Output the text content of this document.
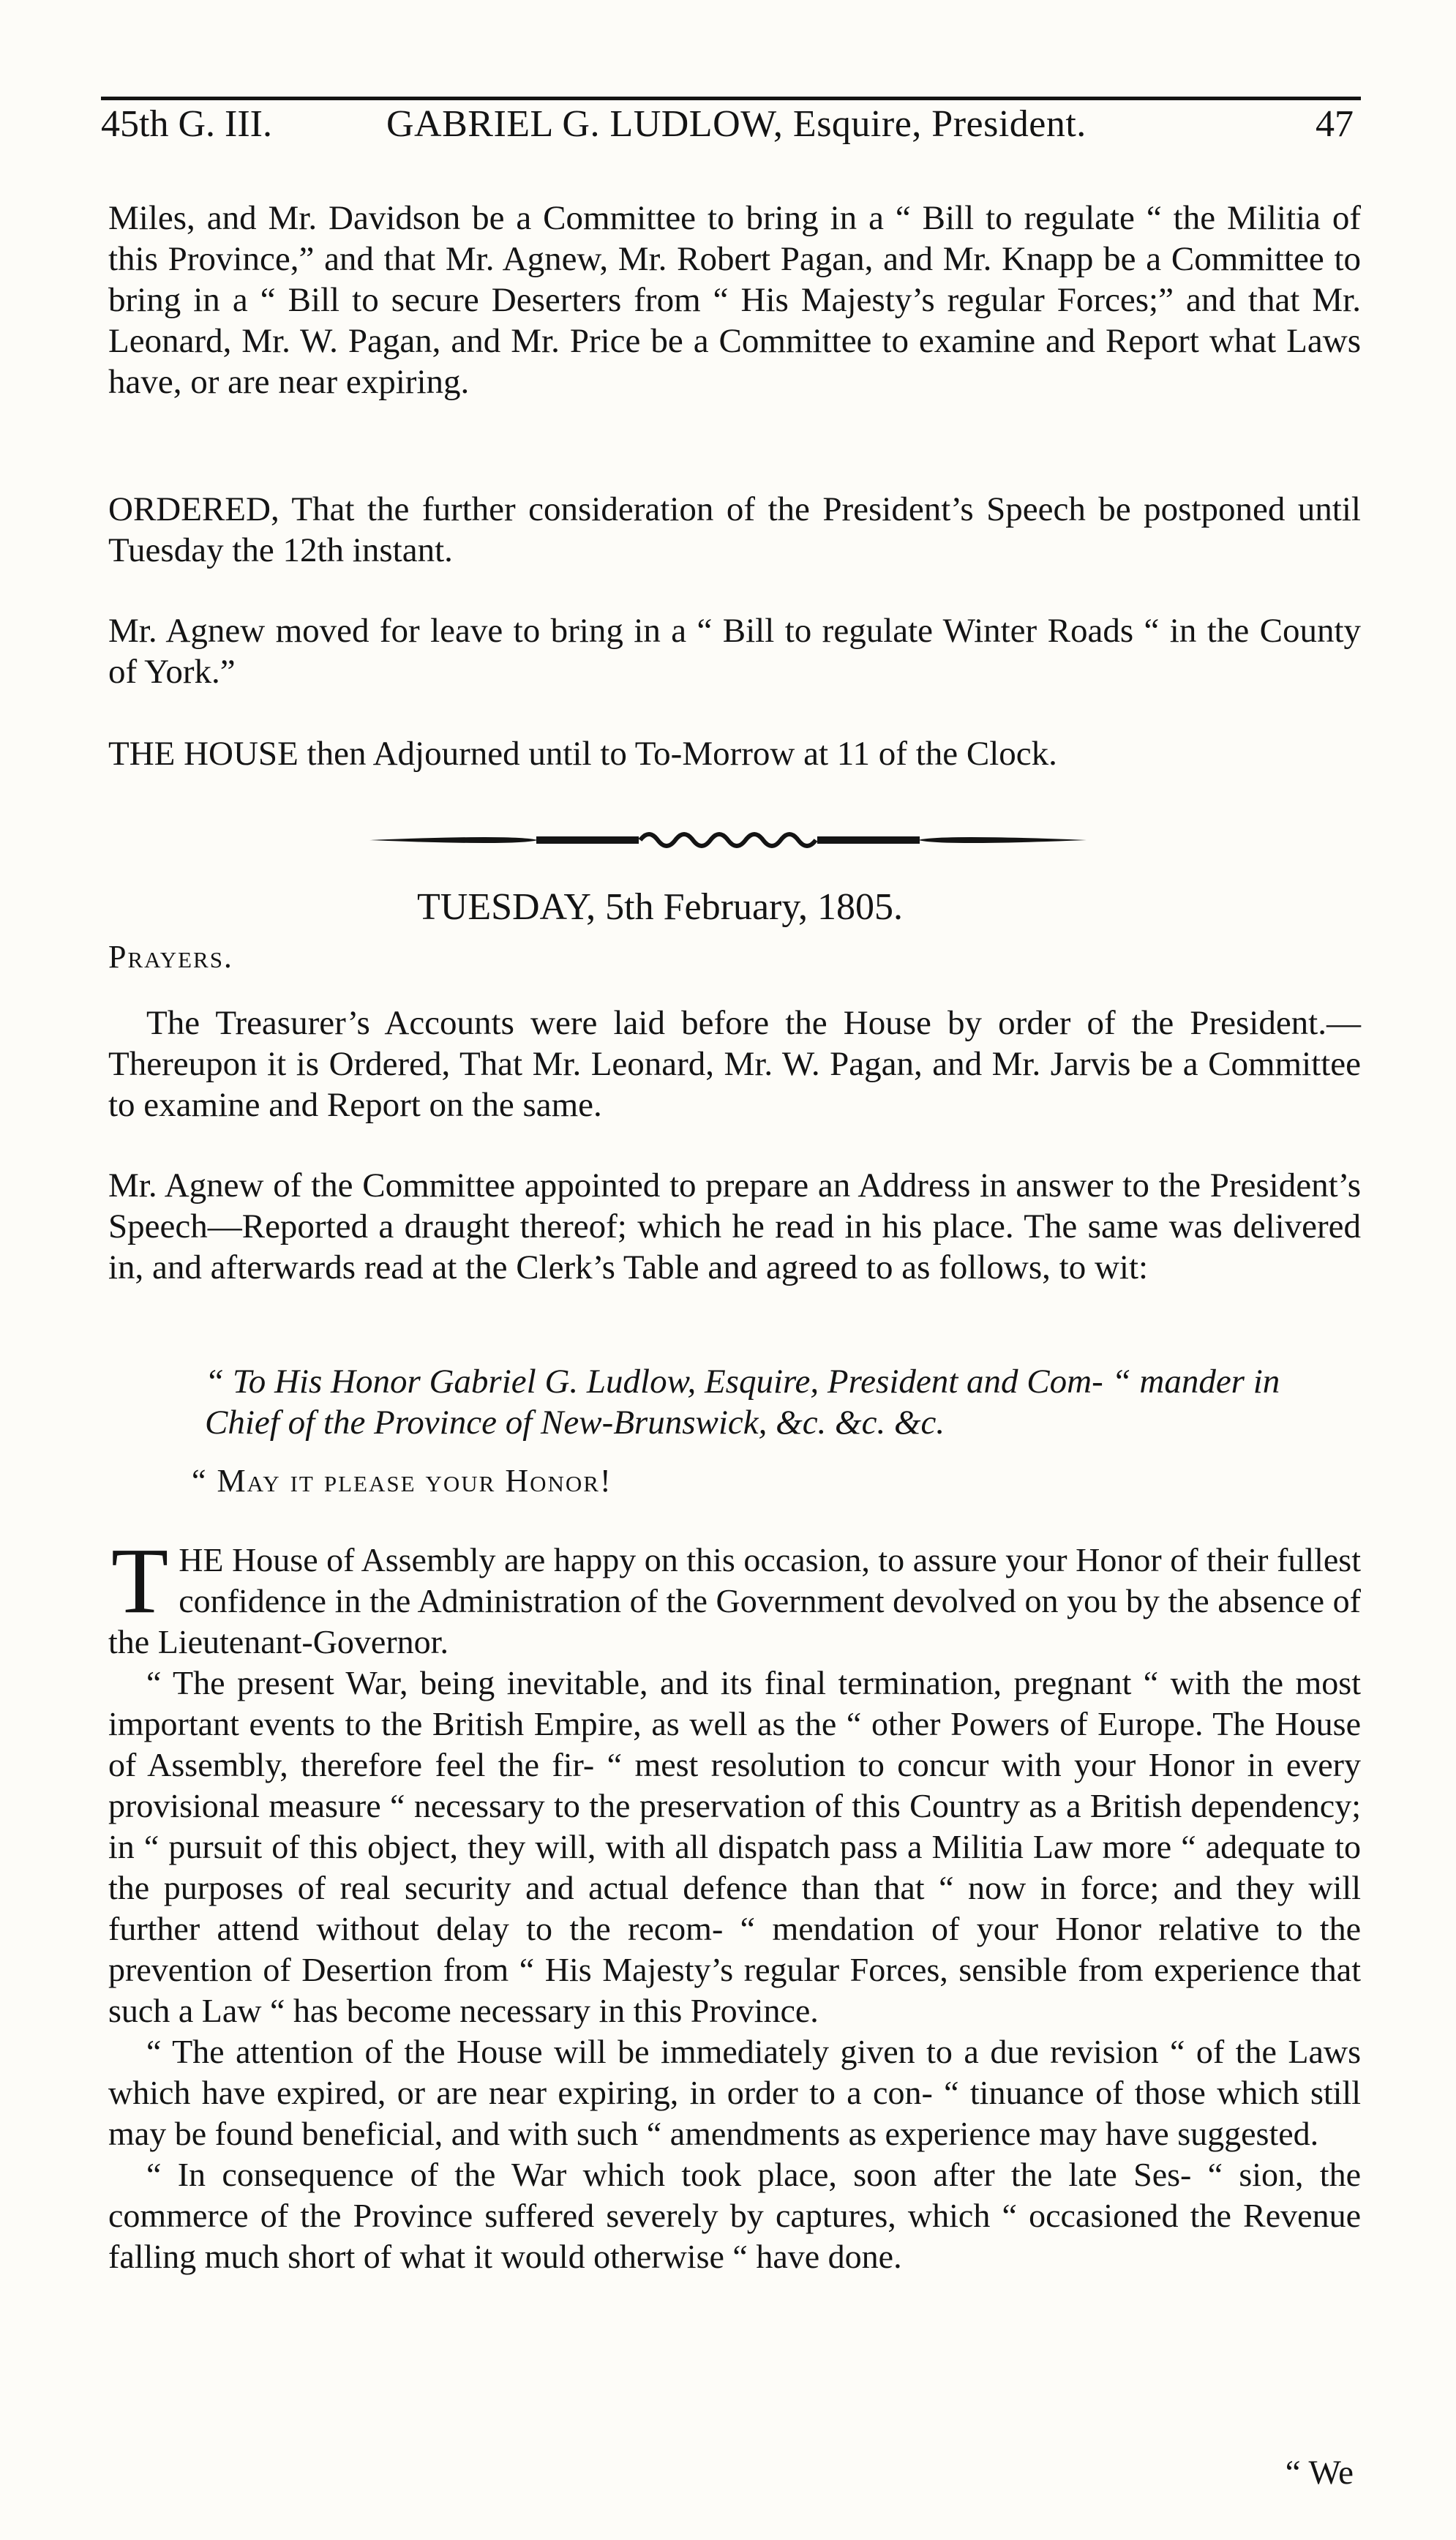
45th G. III.	GABRIEL G. LUDLOW, Esquire, President.	47

Miles, and Mr. Davidson be a Committee to bring in a “ Bill to regulate “ the Militia of this Province,” and that Mr. Agnew, Mr. Robert Pagan, and Mr. Knapp be a Committee to bring in a “ Bill to secure Deserters from “ His Majesty’s regular Forces;” and that Mr. Leonard, Mr. W. Pagan, and Mr. Price be a Committee to examine and Report what Laws have, or are near expiring.

ORDERED, That the further consideration of the President’s Speech be postponed until Tuesday the 12th instant.

Mr. Agnew moved for leave to bring in a “ Bill to regulate Winter Roads “ in the County of York.”

THE HOUSE then Adjourned until to To-Morrow at 11 of the Clock.

TUESDAY, 5th February, 1805.
Prayers.

The Treasurer’s Accounts were laid before the House by order of the President.—Thereupon it is Ordered, That Mr. Leonard, Mr. W. Pagan, and Mr. Jarvis be a Committee to examine and Report on the same.

Mr. Agnew of the Committee appointed to prepare an Address in answer to the President’s Speech—Reported a draught thereof; which he read in his place. The same was delivered in, and afterwards read at the Clerk’s Table and agreed to as follows, to wit:

“ To His Honor Gabriel G. Ludlow, Esquire, President and Com- “ mander in Chief of the Province of New-Brunswick, &c. &c. &c.

“ May it please your Honor!

THE House of Assembly are happy on this occasion, to assure your Honor of their fullest confidence in the Administration of the Government devolved on you by the absence of the Lieutenant-Governor.

“ The present War, being inevitable, and its final termination, pregnant “ with the most important events to the British Empire, as well as the “ other Powers of Europe. The House of Assembly, therefore feel the fir- “ mest resolution to concur with your Honor in every provisional measure “ necessary to the preservation of this Country as a British dependency; in “ pursuit of this object, they will, with all dispatch pass a Militia Law more “ adequate to the purposes of real security and actual defence than that “ now in force; and they will further attend without delay to the recom- “ mendation of your Honor relative to the prevention of Desertion from “ His Majesty’s regular Forces, sensible from experience that such a Law “ has become necessary in this Province.

“ The attention of the House will be immediately given to a due revision “ of the Laws which have expired, or are near expiring, in order to a con- “ tinuance of those which still may be found beneficial, and with such “ amendments as experience may have suggested.

“ In consequence of the War which took place, soon after the late Ses- “ sion, the commerce of the Province suffered severely by captures, which “ occasioned the Revenue falling much short of what it would otherwise “ have done.

“ We
